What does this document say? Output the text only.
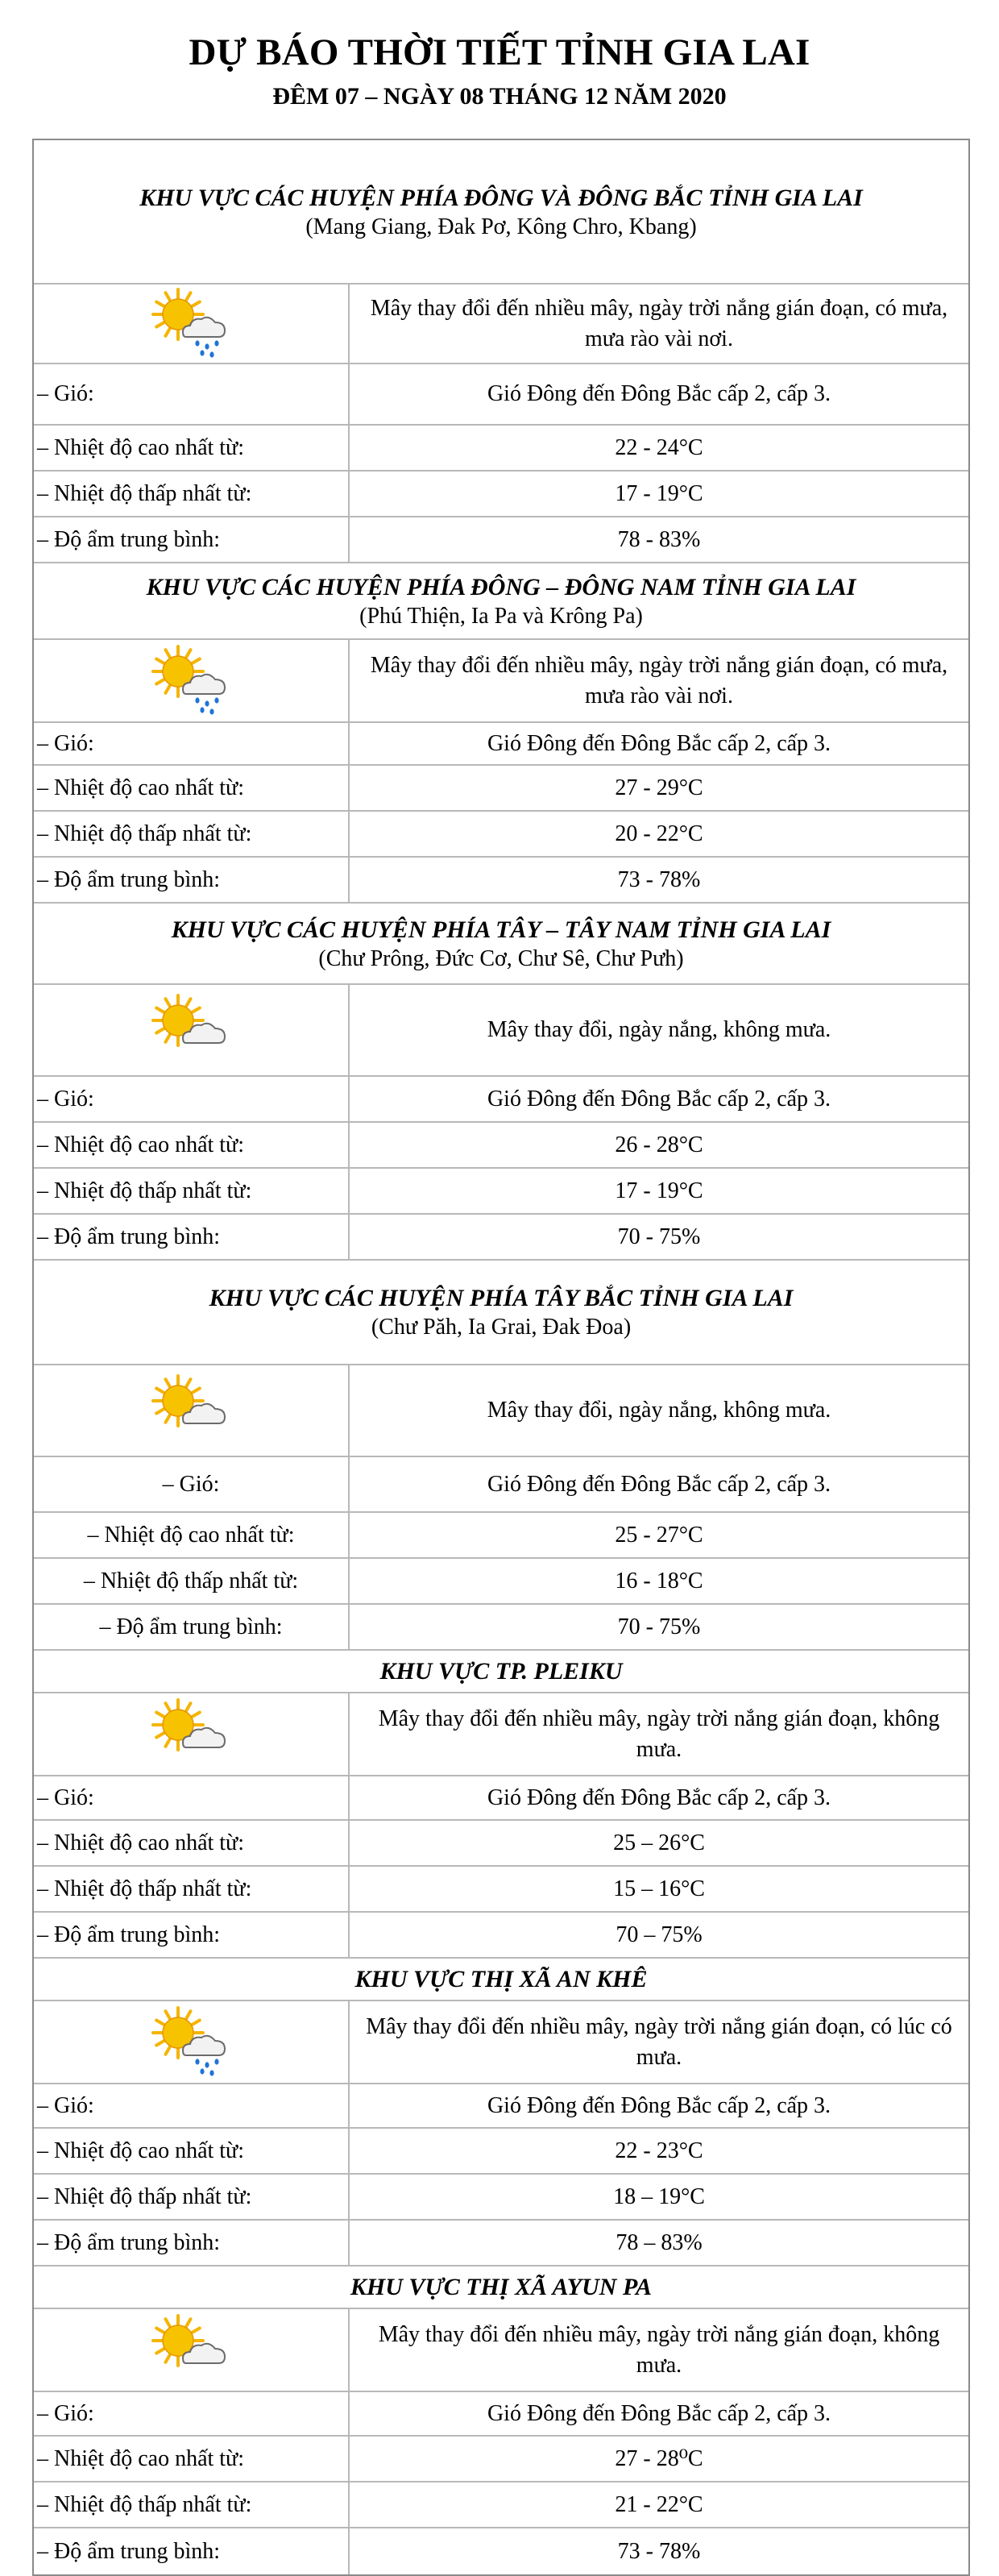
DỰ BÁO THỜI TIẾT TỈNH GIA LAI
ĐÊM 07 – NGÀY 08 THÁNG 12 NĂM 2020
KHU VỰC CÁC HUYỆN PHÍA ĐÔNG VÀ ĐÔNG BẮC TỈNH GIA LAI
(Mang Giang, Đak Pơ, Kông Chro, Kbang)
Mây thay đổi đến nhiều mây, ngày trời nắng gián đoạn, có mưa, mưa rào vài nơi.
– Gió:	Gió Đông đến Đông Bắc cấp 2, cấp 3.
– Nhiệt độ cao nhất từ:	22 - 24°C
– Nhiệt độ thấp nhất từ:	17 - 19°C
– Độ ẩm trung bình:	78 - 83%
KHU VỰC CÁC HUYỆN PHÍA ĐÔNG – ĐÔNG NAM TỈNH GIA LAI
(Phú Thiện, Ia Pa và Krông Pa)
Mây thay đổi đến nhiều mây, ngày trời nắng gián đoạn, có mưa, mưa rào vài nơi.
– Gió:	Gió Đông đến Đông Bắc cấp 2, cấp 3.
– Nhiệt độ cao nhất từ:	27 - 29°C
– Nhiệt độ thấp nhất từ:	20 - 22°C
– Độ ẩm trung bình:	73 - 78%
KHU VỰC CÁC HUYỆN PHÍA TÂY – TÂY NAM TỈNH GIA LAI
(Chư Prông, Đức Cơ, Chư Sê, Chư Pưh)
Mây thay đổi, ngày nắng, không mưa.
– Gió:	Gió Đông đến Đông Bắc cấp 2, cấp 3.
– Nhiệt độ cao nhất từ:	26 - 28°C
– Nhiệt độ thấp nhất từ:	17 - 19°C
– Độ ẩm trung bình:	70 - 75%
KHU VỰC CÁC HUYỆN PHÍA TÂY BẮC TỈNH GIA LAI
(Chư Păh, Ia Grai, Đak Đoa)
Mây thay đổi, ngày nắng, không mưa.
– Gió:	Gió Đông đến Đông Bắc cấp 2, cấp 3.
– Nhiệt độ cao nhất từ:	25 - 27°C
– Nhiệt độ thấp nhất từ:	16 - 18°C
– Độ ẩm trung bình:	70 - 75%
KHU VỰC TP. PLEIKU
Mây thay đổi đến nhiều mây, ngày trời nắng gián đoạn, không mưa.
– Gió:	Gió Đông đến Đông Bắc cấp 2, cấp 3.
– Nhiệt độ cao nhất từ:	25 – 26°C
– Nhiệt độ thấp nhất từ:	15 – 16°C
– Độ ẩm trung bình:	70 – 75%
KHU VỰC THỊ XÃ AN KHÊ
Mây thay đổi đến nhiều mây, ngày trời nắng gián đoạn, có lúc có mưa.
– Gió:	Gió Đông đến Đông Bắc cấp 2, cấp 3.
– Nhiệt độ cao nhất từ:	22 - 23°C
– Nhiệt độ thấp nhất từ:	18 – 19°C
– Độ ẩm trung bình:	78 – 83%
KHU VỰC THỊ XÃ AYUN PA
Mây thay đổi đến nhiều mây, ngày trời nắng gián đoạn, không mưa.
– Gió:	Gió Đông đến Đông Bắc cấp 2, cấp 3.
– Nhiệt độ cao nhất từ:	27 - 28⁰C
– Nhiệt độ thấp nhất từ:	21 - 22°C
– Độ ẩm trung bình:	73 - 78%
